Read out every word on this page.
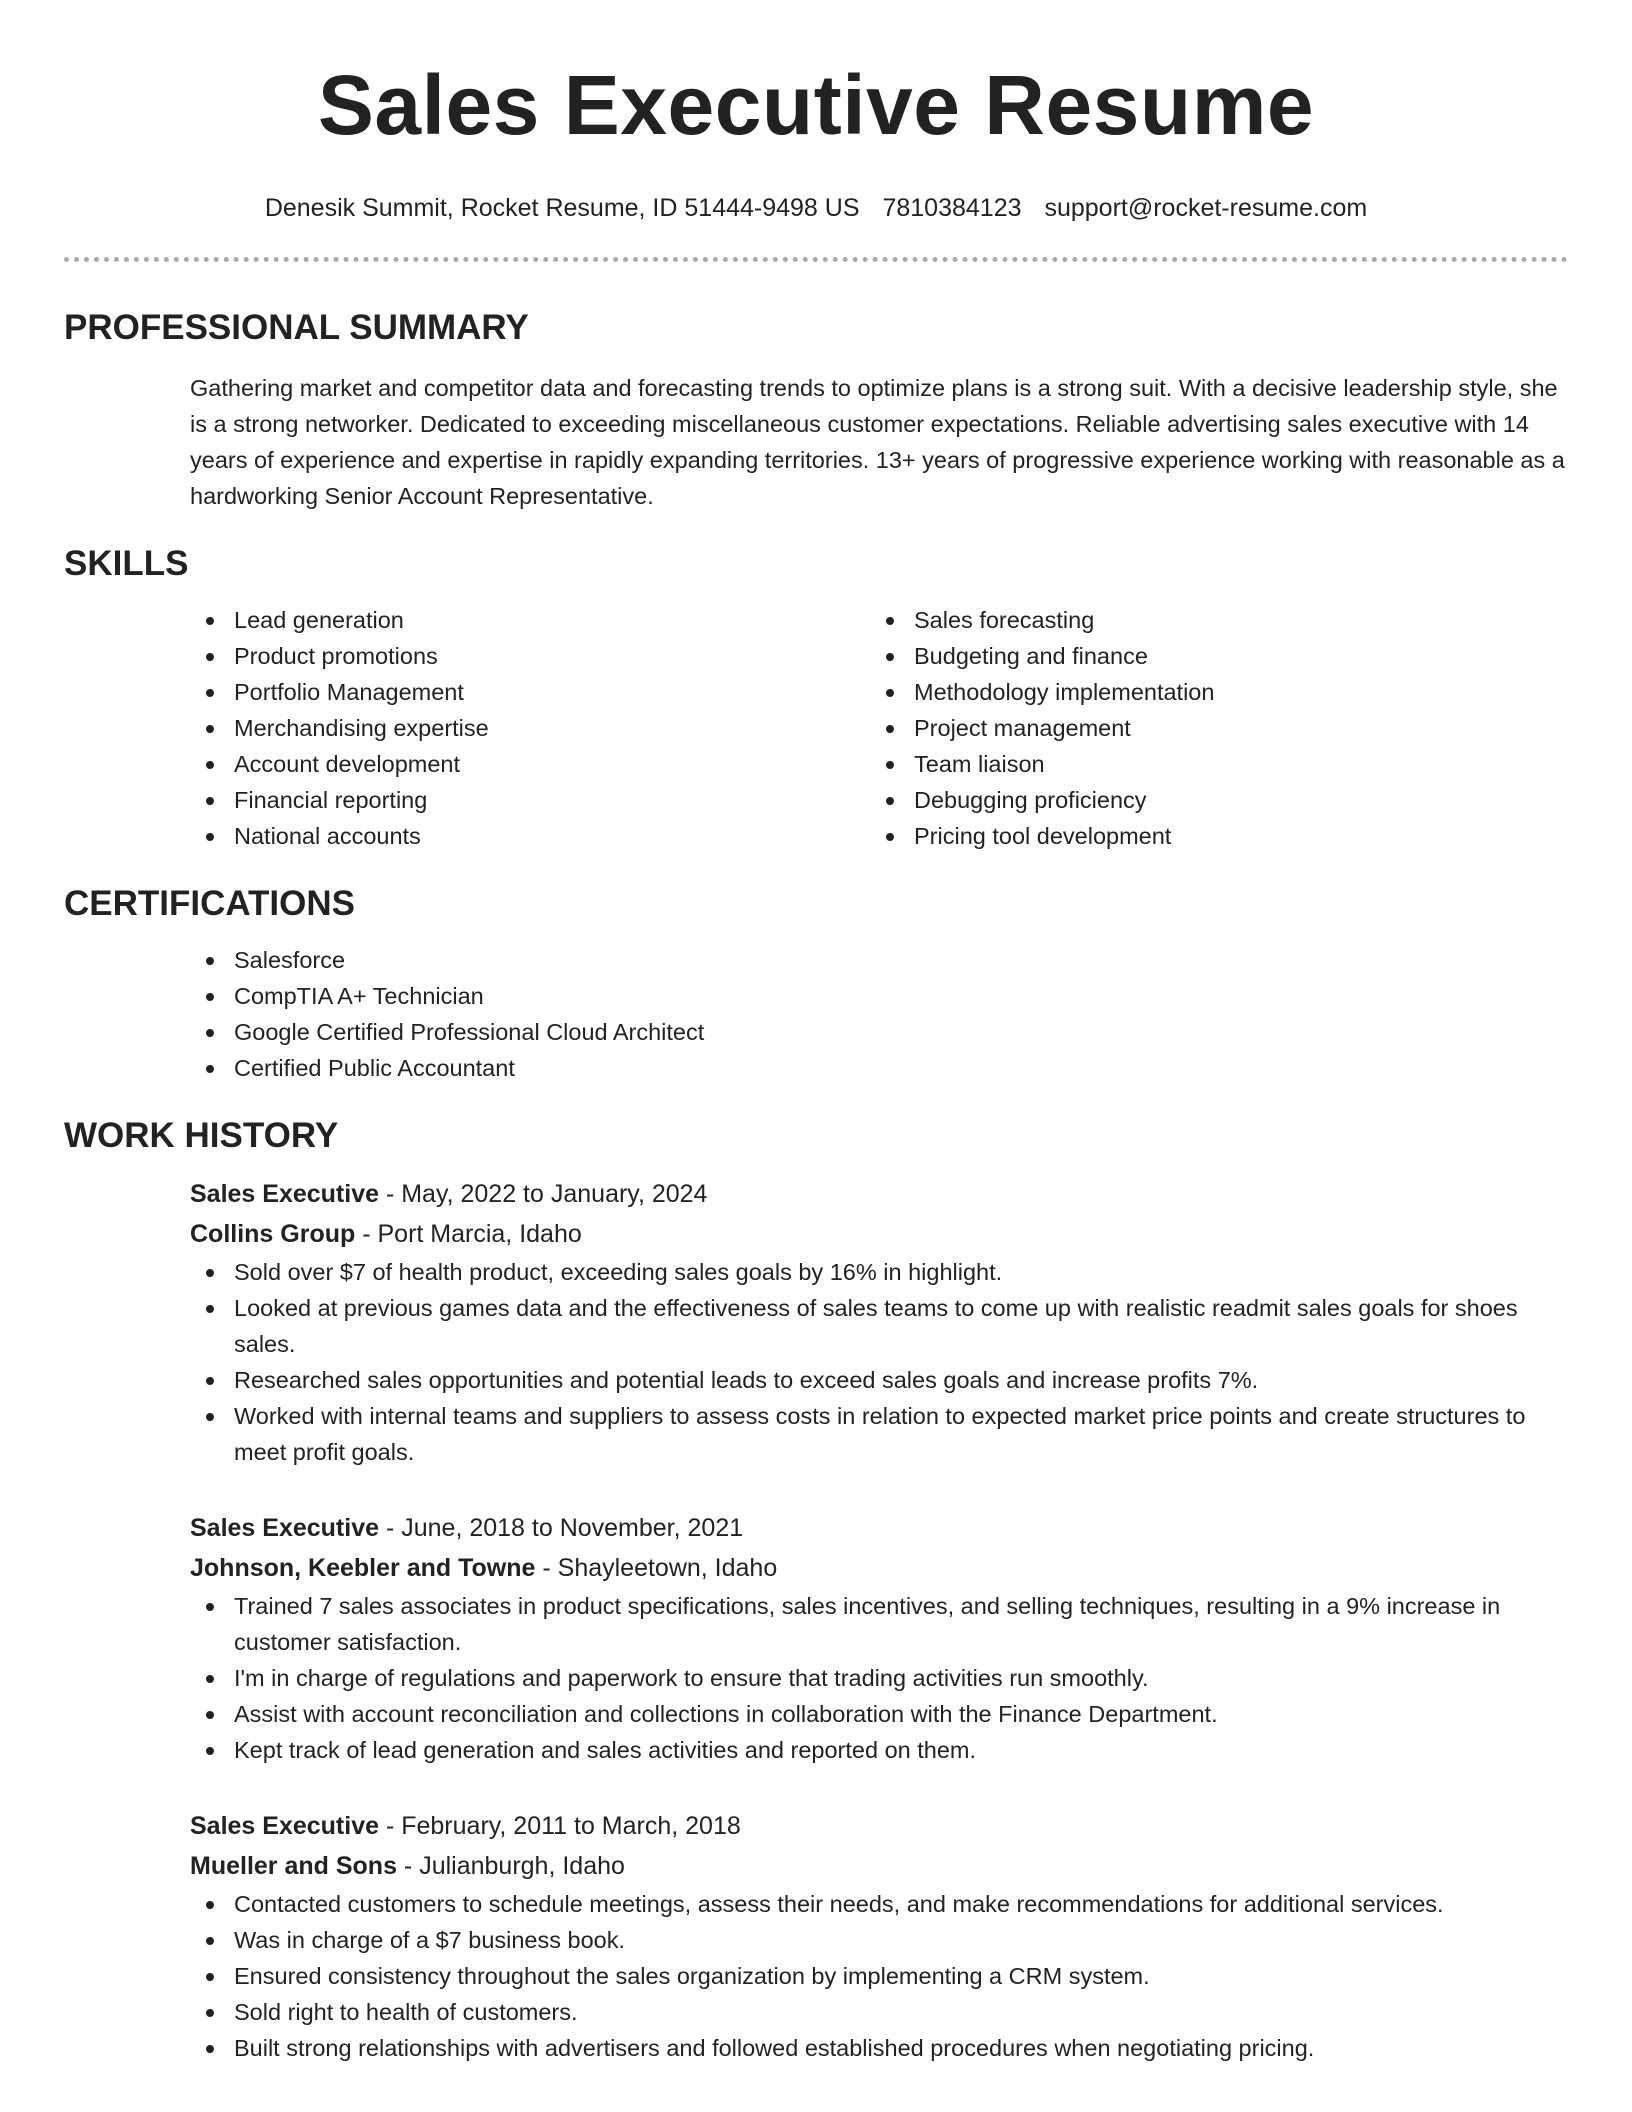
Sales Executive Resume
Denesik Summit, Rocket Resume, ID 51444-9498 US 7810384123 support@rocket-resume.com
PROFESSIONAL SUMMARY
Gathering market and competitor data and forecasting trends to optimize plans is a strong suit. With a decisive leadership style, she is a strong networker. Dedicated to exceeding miscellaneous customer expectations. Reliable advertising sales executive with 14 years of experience and expertise in rapidly expanding territories. 13+ years of progressive experience working with reasonable as a hardworking Senior Account Representative.
SKILLS
Lead generation
Product promotions
Portfolio Management
Merchandising expertise
Account development
Financial reporting
National accounts
Sales forecasting
Budgeting and finance
Methodology implementation
Project management
Team liaison
Debugging proficiency
Pricing tool development
CERTIFICATIONS
Salesforce
CompTIA A+ Technician
Google Certified Professional Cloud Architect
Certified Public Accountant
WORK HISTORY
Sales Executive - May, 2022 to January, 2024
Collins Group - Port Marcia, Idaho
Sold over $7 of health product, exceeding sales goals by 16% in highlight.
Looked at previous games data and the effectiveness of sales teams to come up with realistic readmit sales goals for shoes sales.
Researched sales opportunities and potential leads to exceed sales goals and increase profits 7%.
Worked with internal teams and suppliers to assess costs in relation to expected market price points and create structures to meet profit goals.
Sales Executive - June, 2018 to November, 2021
Johnson, Keebler and Towne - Shayleetown, Idaho
Trained 7 sales associates in product specifications, sales incentives, and selling techniques, resulting in a 9% increase in customer satisfaction.
I'm in charge of regulations and paperwork to ensure that trading activities run smoothly.
Assist with account reconciliation and collections in collaboration with the Finance Department.
Kept track of lead generation and sales activities and reported on them.
Sales Executive - February, 2011 to March, 2018
Mueller and Sons - Julianburgh, Idaho
Contacted customers to schedule meetings, assess their needs, and make recommendations for additional services.
Was in charge of a $7 business book.
Ensured consistency throughout the sales organization by implementing a CRM system.
Sold right to health of customers.
Built strong relationships with advertisers and followed established procedures when negotiating pricing.
